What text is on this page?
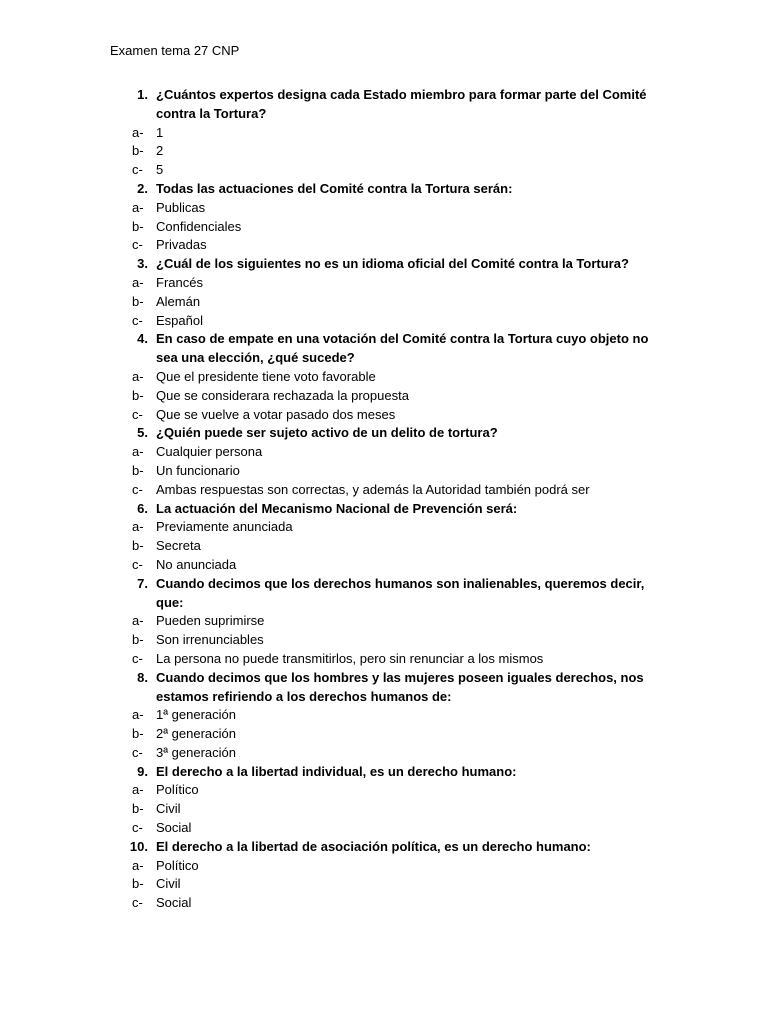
Examen tema 27 CNP
1. ¿Cuántos expertos designa cada Estado miembro para formar parte del Comité contra la Tortura?
a- 1
b- 2
c-	5
2. Todas las actuaciones del Comité contra la Tortura serán:
a- Publicas
b- Confidenciales
c-	Privadas
3. ¿Cuál de los siguientes no es un idioma oficial del Comité contra la Tortura?
a- Francés
b- Alemán
c-	Español
4. En caso de empate en una votación del Comité contra la Tortura cuyo objeto no sea una elección, ¿qué sucede?
a- Que el presidente tiene voto favorable
b- Que se considerara rechazada la propuesta
c-	Que se vuelve a votar pasado dos meses
5. ¿Quién puede ser sujeto activo de un delito de tortura?
a- Cualquier persona
b- Un funcionario
c-	Ambas respuestas son correctas, y además la Autoridad también podrá ser
6. La actuación del Mecanismo Nacional de Prevención será:
a- Previamente anunciada
b- Secreta
c-	No anunciada
7. Cuando decimos que los derechos humanos son inalienables, queremos decir, que:
a- Pueden suprimirse
b- Son irrenunciables
c-	La persona no puede transmitirlos, pero sin renunciar a los mismos
8. Cuando decimos que los hombres y las mujeres poseen iguales derechos, nos estamos refiriendo a los derechos humanos de:
a- 1ª generación
b- 2ª generación
c-	3ª generación
9. El derecho a la libertad individual, es un derecho humano:
a- Político
b- Civil
c-	Social
10. El derecho a la libertad de asociación política, es un derecho humano:
a- Político
b- Civil
c-	Social
